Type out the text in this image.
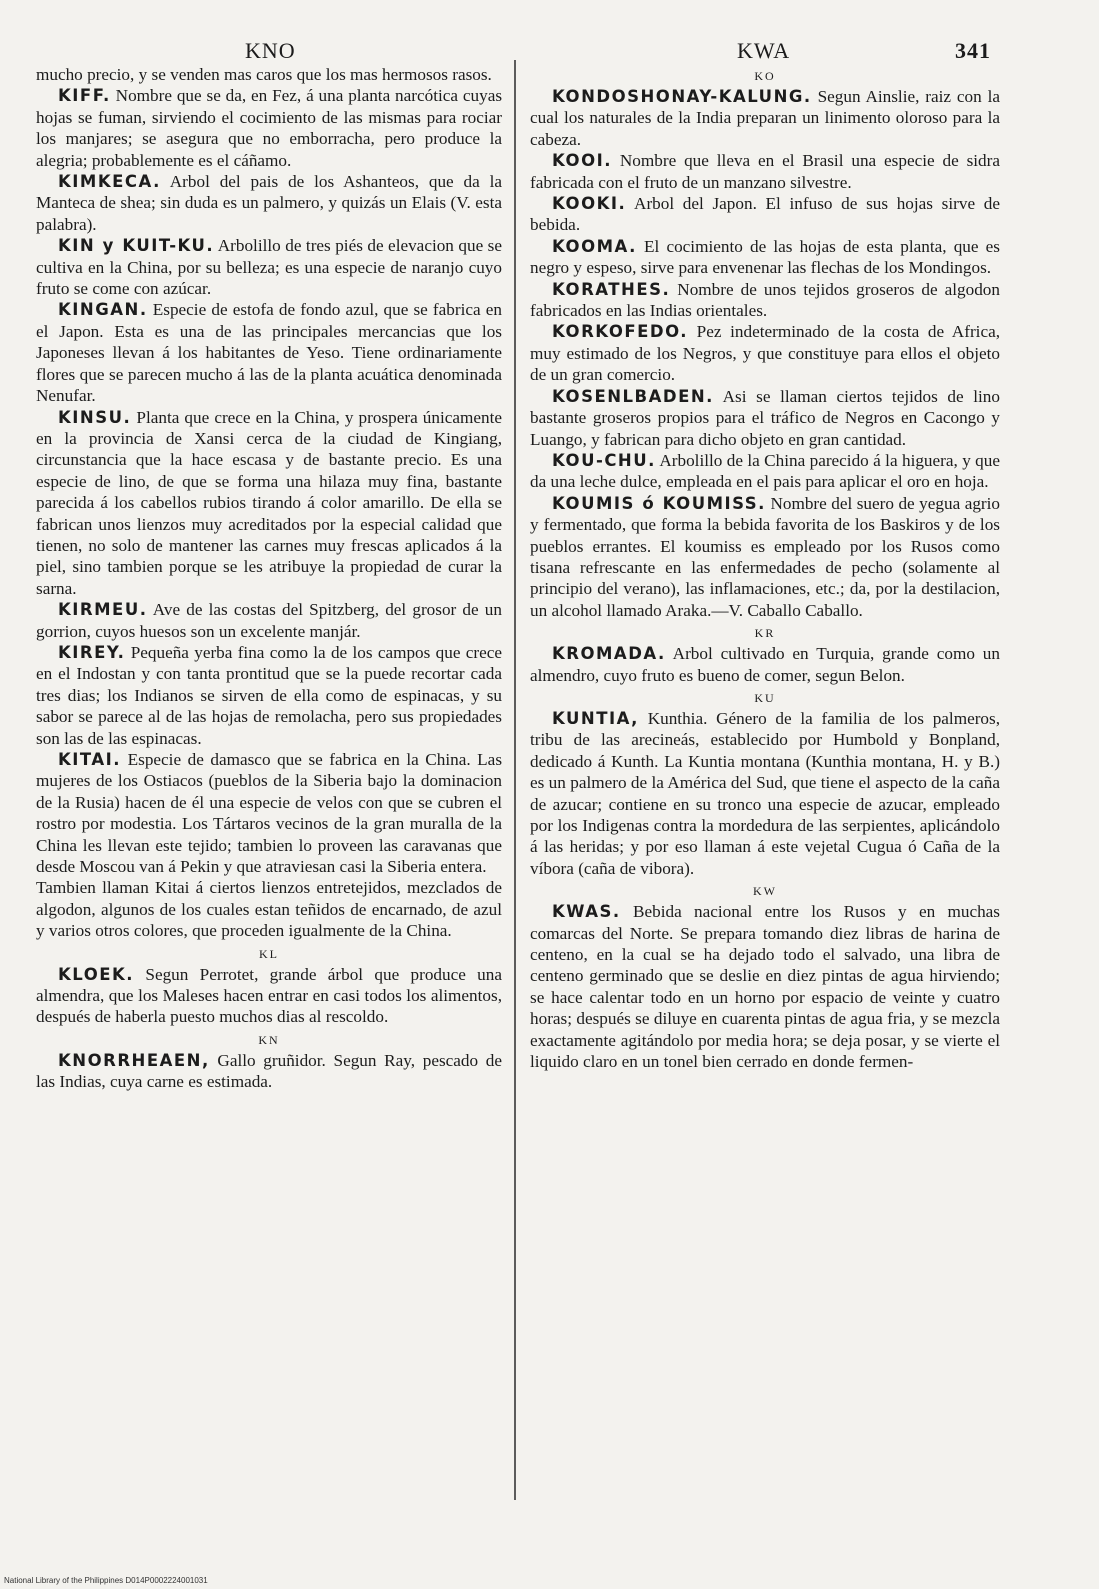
KNO	KWA	341

mucho precio, y se venden mas caros que los mas hermosos rasos.

KIFF. Nombre que se da, en Fez, á una planta narcótica cuyas hojas se fuman, sirviendo el cocimiento de las mismas para rociar los manjares; se asegura que no emborracha, pero produce la alegria; probablemente es el cáñamo.

KIMKECA. Arbol del pais de los Ashanteos, que da la Manteca de shea; sin duda es un palmero, y quizás un Elais (V. esta palabra).

KIN y KUIT-KU. Arbolillo de tres piés de elevacion que se cultiva en la China, por su belleza; es una especie de naranjo cuyo fruto se come con azúcar.

KINGAN. Especie de estofa de fondo azul, que se fabrica en el Japon. Esta es una de las principales mercancias que los Japoneses llevan á los habitantes de Yeso. Tiene ordinariamente flores que se parecen mucho á las de la planta acuática denominada Nenufar.

KINSU. Planta que crece en la China, y prospera únicamente en la provincia de Xansi cerca de la ciudad de Kingiang, circunstancia que la hace escasa y de bastante precio. Es una especie de lino, de que se forma una hilaza muy fina, bastante parecida á los cabellos rubios tirando á color amarillo. De ella se fabrican unos lienzos muy acreditados por la especial calidad que tienen, no solo de mantener las carnes muy frescas aplicados á la piel, sino tambien porque se les atribuye la propiedad de curar la sarna.

KIRMEU. Ave de las costas del Spitzberg, del grosor de un gorrion, cuyos huesos son un excelente manjár.

KIREY. Pequeña yerba fina como la de los campos que crece en el Indostan y con tanta prontitud que se la puede recortar cada tres dias; los Indianos se sirven de ella como de espinacas, y su sabor se parece al de las hojas de remolacha, pero sus propiedades son las de las espinacas.

KITAI. Especie de damasco que se fabrica en la China. Las mujeres de los Ostiacos (pueblos de la Siberia bajo la dominacion de la Rusia) hacen de él una especie de velos con que se cubren el rostro por modestia. Los Tártaros vecinos de la gran muralla de la China les llevan este tejido; tambien lo proveen las caravanas que desde Moscou van á Pekin y que atraviesan casi la Siberia entera.

Tambien llaman Kitai á ciertos lienzos entretejidos, mezclados de algodon, algunos de los cuales estan teñidos de encarnado, de azul y varios otros colores, que proceden igualmente de la China.

KL

KLOEK. Segun Perrotet, grande árbol que produce una almendra, que los Maleses hacen entrar en casi todos los alimentos, después de haberla puesto muchos dias al rescoldo.

KN

KNORRHEAEN, Gallo gruñidor. Segun Ray, pescado de las Indias, cuya carne es estimada.

KO

KONDOSHONAY-KALUNG. Segun Ainslie, raiz con la cual los naturales de la India preparan un linimento oloroso para la cabeza.

KOOI. Nombre que lleva en el Brasil una especie de sidra fabricada con el fruto de un manzano silvestre.

KOOKI. Arbol del Japon. El infuso de sus hojas sirve de bebida.

KOOMA. El cocimiento de las hojas de esta planta, que es negro y espeso, sirve para envenenar las flechas de los Mondingos.

KORATHES. Nombre de unos tejidos groseros de algodon fabricados en las Indias orientales.

KORKOFEDO. Pez indeterminado de la costa de Africa, muy estimado de los Negros, y que constituye para ellos el objeto de un gran comercio.

KOSENLBADEN. Asi se llaman ciertos tejidos de lino bastante groseros propios para el tráfico de Negros en Cacongo y Luango, y fabrican para dicho objeto en gran cantidad.

KOU-CHU. Arbolillo de la China parecido á la higuera, y que da una leche dulce, empleada en el pais para aplicar el oro en hoja.

KOUMIS ó KOUMISS. Nombre del suero de yegua agrio y fermentado, que forma la bebida favorita de los Baskiros y de los pueblos errantes. El koumiss es empleado por los Rusos como tisana refrescante en las enfermedades de pecho (solamente al principio del verano), las inflamaciones, etc.; da, por la destilacion, un alcohol llamado Araka.—V. Caballo Caballo.

KR

KROMADA. Arbol cultivado en Turquia, grande como un almendro, cuyo fruto es bueno de comer, segun Belon.

KU

KUNTIA, Kunthia. Género de la familia de los palmeros, tribu de las arecineás, establecido por Humbold y Bonpland, dedicado á Kunth. La Kuntia montana (Kunthia montana, H. y B.) es un palmero de la América del Sud, que tiene el aspecto de la caña de azucar; contiene en su tronco una especie de azucar, empleado por los Indigenas contra la mordedura de las serpientes, aplicándolo á las heridas; y por eso llaman á este vejetal Cugua ó Caña de la víbora (caña de vibora).

KW

KWAS. Bebida nacional entre los Rusos y en muchas comarcas del Norte. Se prepara tomando diez libras de harina de centeno, en la cual se ha dejado todo el salvado, una libra de centeno germinado que se deslie en diez pintas de agua hirviendo; se hace calentar todo en un horno por espacio de veinte y cuatro horas; después se diluye en cuarenta pintas de agua fria, y se mezcla exactamente agitándolo por media hora; se deja posar, y se vierte el liquido claro en un tonel bien cerrado en donde fermen-

National Library of the Philippines D014P0002224001031
